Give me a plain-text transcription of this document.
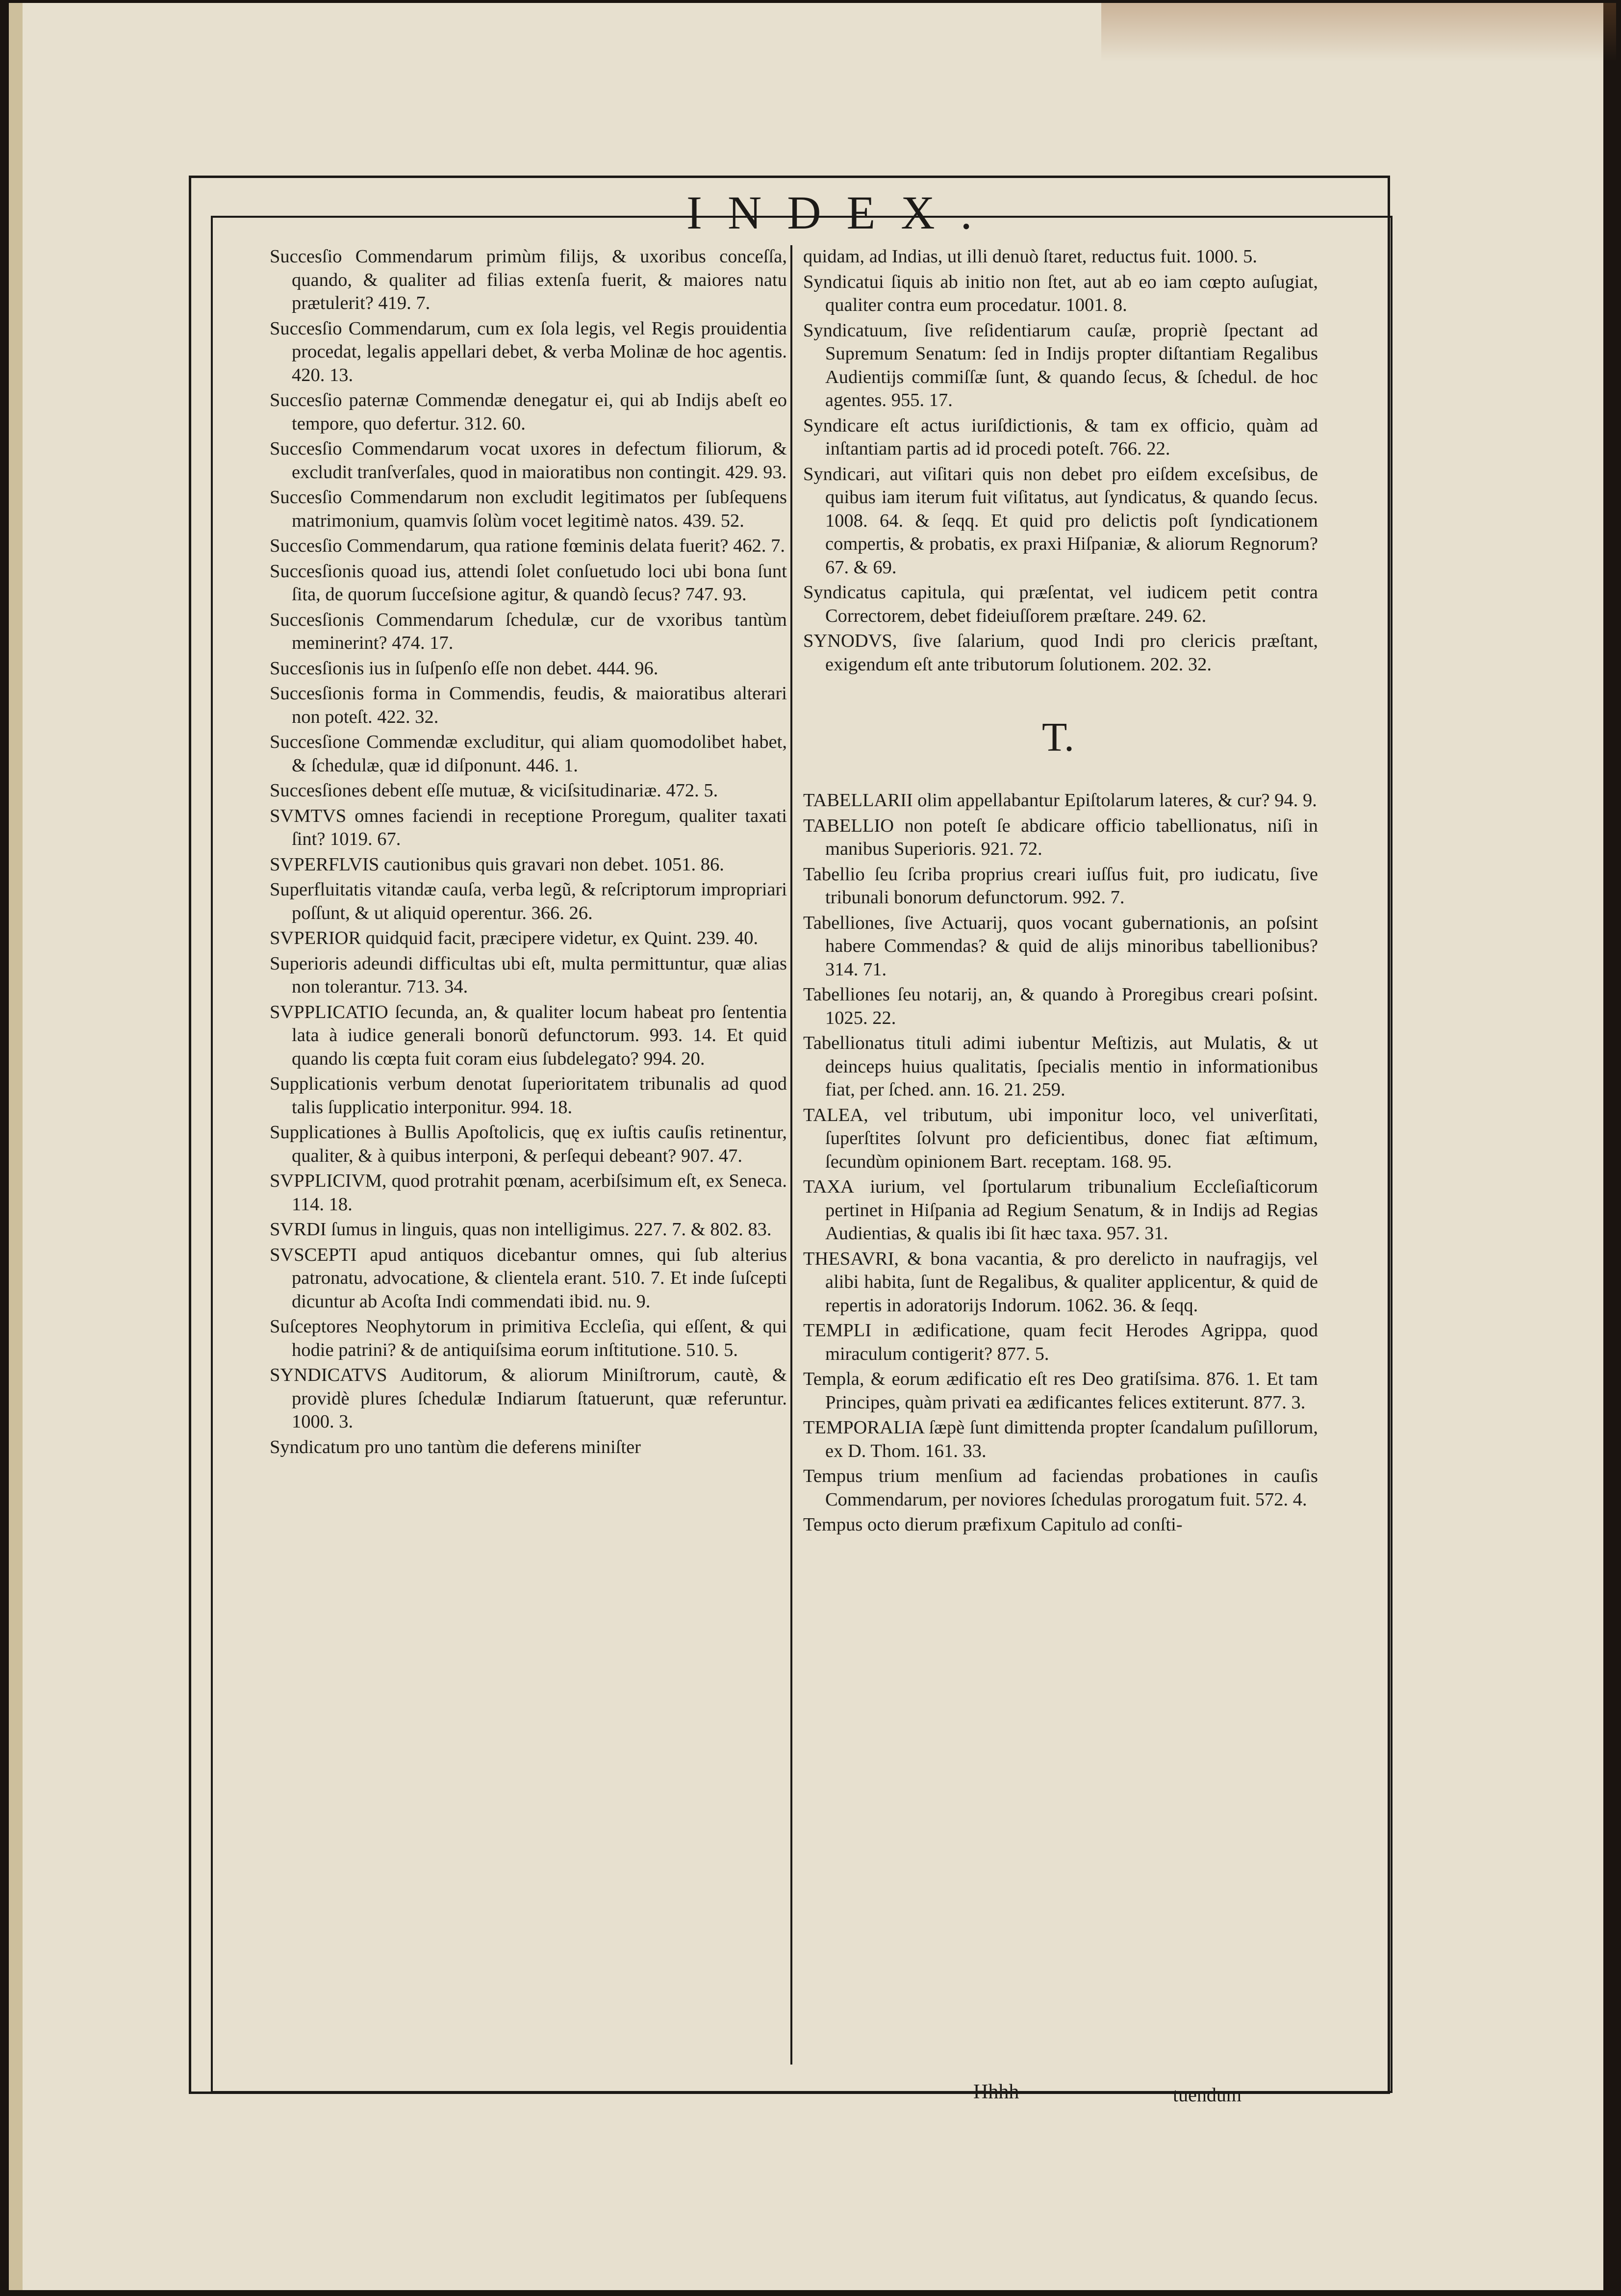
INDEX.

Succesſio Commendarum primùm filijs, & uxoribus conceſſa, quando, & qualiter ad filias extenſa fuerit, & maiores natu prætulerit? 419. 7.

Succesſio Commendarum, cum ex ſola legis, vel Regis prouidentia procedat, legalis appellari debet, & verba Molinæ de hoc agentis. 420. 13.

Succesſio paternæ Commendæ denegatur ei, qui ab Indijs abeſt eo tempore, quo defertur. 312. 60.

Succesſio Commendarum vocat uxores in defectum filiorum, & excludit tranſverſales, quod in maioratibus non contingit. 429. 93.

Succesſio Commendarum non excludit legitimatos per ſubſequens matrimonium, quamvis ſolùm vocet legitimè natos. 439. 52.

Succesſio Commendarum, qua ratione fœminis delata fuerit? 462. 7.

Succesſionis quoad ius, attendi ſolet conſuetudo loci ubi bona ſunt ſita, de quorum ſucceſsione agitur, & quandò ſecus? 747. 93.

Succesſionis Commendarum ſchedulæ, cur de vxoribus tantùm meminerint? 474. 17.

Succesſionis ius in ſuſpenſo eſſe non debet. 444. 96.

Succesſionis forma in Commendis, feudis, & maioratibus alterari non poteſt. 422. 32.

Succesſione Commendæ excluditur, qui aliam quomodolibet habet, & ſchedulæ, quæ id diſponunt. 446. 1.

Succesſiones debent eſſe mutuæ, & viciſsitudinariæ. 472. 5.

SVMTVS omnes faciendi in receptione Proregum, qualiter taxati ſint? 1019. 67.

SVPERFLVIS cautionibus quis gravari non debet. 1051. 86.

Superfluitatis vitandæ cauſa, verba legũ, & reſcriptorum impropriari poſſunt, & ut aliquid operentur. 366. 26.

SVPERIOR quidquid facit, præcipere videtur, ex Quint. 239. 40.

Superioris adeundi difficultas ubi eſt, multa permittuntur, quæ alias non tolerantur. 713. 34.

SVPPLICATIO ſecunda, an, & qualiter locum habeat pro ſententia lata à iudice generali bonorũ defunctorum. 993. 14. Et quid quando lis cœpta fuit coram eius ſubdelegato? 994. 20.

Supplicationis verbum denotat ſuperioritatem tribunalis ad quod talis ſupplicatio interponitur. 994. 18.

Supplicationes à Bullis Apoſtolicis, quę ex iuſtis cauſis retinentur, qualiter, & à quibus interponi, & perſequi debeant? 907. 47.

SVPPLICIVM, quod protrahit pœnam, acerbiſsimum eſt, ex Seneca. 114. 18.

SVRDI ſumus in linguis, quas non intelligimus. 227. 7. & 802. 83.

SVSCEPTI apud antiquos dicebantur omnes, qui ſub alterius patronatu, advocatione, & clientela erant. 510. 7. Et inde ſuſcepti dicuntur ab Acoſta Indi commendati ibid. nu. 9.

Suſceptores Neophytorum in primitiva Eccleſia, qui eſſent, & qui hodie patrini? & de antiquiſsima eorum inſtitutione. 510. 5.

SYNDICATVS Auditorum, & aliorum Miniſtrorum, cautè, & providè plures ſchedulæ Indiarum ſtatuerunt, quæ referuntur. 1000. 3.

Syndicatum pro uno tantùm die deferens miniſter

quidam, ad Indias, ut illi denuò ſtaret, reductus fuit. 1000. 5.

Syndicatui ſiquis ab initio non ſtet, aut ab eo iam cœpto auſugiat, qualiter contra eum procedatur. 1001. 8.

Syndicatuum, ſive reſidentiarum cauſæ, propriè ſpectant ad Supremum Senatum: ſed in Indijs propter diſtantiam Regalibus Audientijs commiſſæ ſunt, & quando ſecus, & ſchedul. de hoc agentes. 955. 17.

Syndicare eſt actus iuriſdictionis, & tam ex officio, quàm ad inſtantiam partis ad id procedi poteſt. 766. 22.

Syndicari, aut viſitari quis non debet pro eiſdem exceſsibus, de quibus iam iterum fuit viſitatus, aut ſyndicatus, & quando ſecus. 1008. 64. & ſeqq. Et quid pro delictis poſt ſyndicationem compertis, & probatis, ex praxi Hiſpaniæ, & aliorum Regnorum? 67. & 69.

Syndicatus capitula, qui præſentat, vel iudicem petit contra Correctorem, debet fideiuſſorem præſtare. 249. 62.

SYNODVS, ſive ſalarium, quod Indi pro clericis præſtant, exigendum eſt ante tributorum ſolutionem. 202. 32.

T.

TABELLARII olim appellabantur Epiſtolarum lateres, & cur? 94. 9.

TABELLIO non poteſt ſe abdicare officio tabellionatus, niſi in manibus Superioris. 921. 72.

Tabellio ſeu ſcriba proprius creari iuſſus fuit, pro iudicatu, ſive tribunali bonorum defunctorum. 992. 7.

Tabelliones, ſive Actuarij, quos vocant gubernationis, an poſsint habere Commendas? & quid de alijs minoribus tabellionibus? 314. 71.

Tabelliones ſeu notarij, an, & quando à Proregibus creari poſsint. 1025. 22.

Tabellionatus tituli adimi iubentur Meſtizis, aut Mulatis, & ut deinceps huius qualitatis, ſpecialis mentio in informationibus fiat, per ſched. ann. 16. 21. 259.

TALEA, vel tributum, ubi imponitur loco, vel univerſitati, ſuperſtites ſolvunt pro deficientibus, donec fiat æſtimum, ſecundùm opinionem Bart. receptam. 168. 95.

TAXA iurium, vel ſportularum tribunalium Eccleſiaſticorum pertinet in Hiſpania ad Regium Senatum, & in Indijs ad Regias Audientias, & qualis ibi ſit hæc taxa. 957. 31.

THESAVRI, & bona vacantia, & pro derelicto in naufragijs, vel alibi habita, ſunt de Regalibus, & qualiter applicentur, & quid de repertis in adoratorijs Indorum. 1062. 36. & ſeqq.

TEMPLI in ædificatione, quam fecit Herodes Agrippa, quod miraculum contigerit? 877. 5.

Templa, & eorum ædificatio eſt res Deo gratiſsima. 876. 1. Et tam Principes, quàm privati ea ædificantes felices extiterunt. 877. 3.

TEMPORALIA ſæpè ſunt dimittenda propter ſcandalum puſillorum, ex D. Thom. 161. 33.

Tempus trium menſium ad faciendas probationes in cauſis Commendarum, per noviores ſchedulas prorogatum fuit. 572. 4.

Tempus octo dierum præfixum Capitulo ad conſti-

Hhhh	tuendum
